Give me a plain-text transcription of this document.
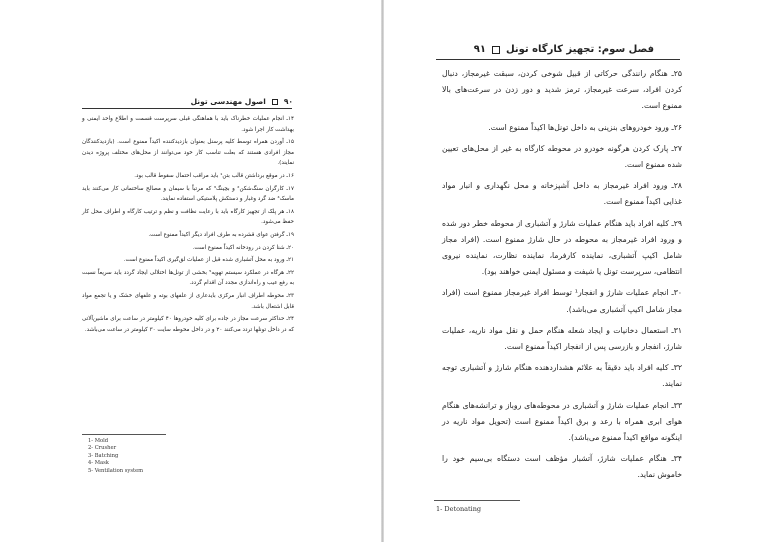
۹۰
اصول مهندسی تونل

۱۴ـ انجام عملیات خطرناک باید با هماهنگی قبلی سرپرست قسمت و اطلاع واحد ایمنی و بهداشت کار اجرا شود.

۱۵ـ آوردن همراه توسط کلیه پرسنل بعنوان بازدیدکننده اکیداً ممنوع است. (بازدیدکنندگان مجاز افرادی هستند که بعلت تناسب کار خود می‌توانند از محل‌های مختلف پروژه دیدن نمایند).

۱۶ـ در موقع برداشتن قالب بتن¹ باید مراقب احتمال سقوط قالب بود.

۱۷ـ کارگران سنگ‌شکن² و بچینگ³ که مرتباً با سیمان و مصالح ساختمانی کار می‌کنند باید ماسک⁴ ضد گرد وغبار و دستکش پلاستیکی استفاده نمایند.

۱۸ـ هر پلک از تجهیز کارگاه باید با رعایت نظافت و نظم و ترتیب کارگاه و اطراف محل کار حفظ می‌شود.

۱۹ـ گرفتن عوای قشرده به طرف افراد دیگر اکیداً ممنوع است.

۲۰ـ شنا کردن در رودخانه اکیداً ممنوع است.

۲۱ـ ورود به محل آتشباری شده قبل از عملیات لق‌گیری اکیداً ممنوع است.

۲۲ـ هرگاه در عملکرد سیستم تهویه⁵ بخشی از تونل‌ها اختلالی ایجاد گردد باید سریعاً نسبت به رفع عیب و راه‌اندازی مجدد آن اقدام گردد.

۲۳ـ محوطه اطراف انبار مرکزی بایدعاری از علفهای بوته و علفهای خشک و یا تجمع مواد قابل اشتعال باشد.

۲۴ـ حداکثر سرعت مجاز در جاده برای کلیه خودروها ۴۰ کیلومتر در ساعت برای ماشین‌آلاتی که در داخل تونلها تردد می‌کنند ۲۰ و در داخل محوطه سایت ۳۰ کیلومتر در ساعت می‌باشد.

1- Mold
2- Crusher
3- Batching
4- Mask
5- Ventilation system
فصل سوم: تجهیز کارگاه تونل
۹۱

۲۵ـ هنگام رانندگی حرکاتی از قبیل شوخی کردن، سبقت غیرمجاز، دنبال کردن افراد، سرعت غیرمجاز، ترمز شدید و دور زدن در سرعت‌های بالا ممنوع است.

۲۶ـ ورود خودروهای بنزینی به داخل تونل‌ها اکیداً ممنوع است.

۲۷ـ پارک کردن هرگونه خودرو در محوطه کارگاه به غیر از محل‌های تعیین شده ممنوع است.

۲۸ـ ورود افراد غیرمجاز به داخل آشپزخانه و محل نگهداری و انبار مواد غذایی اکیداً ممنوع است.

۲۹ـ کلیه افراد باید هنگام عملیات شارژ و آتشباری از محوطه خطر دور شده و ورود افراد غیرمجاز به محوطه در حال شارژ ممنوع است. (افراد مجاز شامل اکیپ آتشباری، نماینده کارفرما، نماینده نظارت، نماینده نیروی انتظامی، سرپرست تونل یا شیفت و مسئول ایمنی خواهند بود).

۳۰ـ انجام عملیات شارژ و انفجار¹ توسط افراد غیرمجاز ممنوع است (افراد مجاز شامل اکیپ آتشباری می‌باشد).

۳۱ـ استعمال دخانیات و ایجاد شعله هنگام حمل و نقل مواد ناریه، عملیات شارژ، انفجار و بازرسی پس از انفجار اکیداً ممنوع است.

۳۲ـ کلیه افراد باید دقیقاً به علائم هشداردهنده هنگام شارژ و آتشباری توجه نمایند.

۳۳ـ انجام عملیات شارژ و آتشباری در محوطه‌های روباز و ترانشه‌های هنگام هوای ابری همراه با رعد و برق اکیداً ممنوع است (تحویل مواد ناریه در اینگونه مواقع اکیداً ممنوع می‌باشد).

۳۴ـ هنگام عملیات شارژ، آتشبار مؤظف است دستگاه بی‌سیم خود را خاموش نماید.

1- Detonating
